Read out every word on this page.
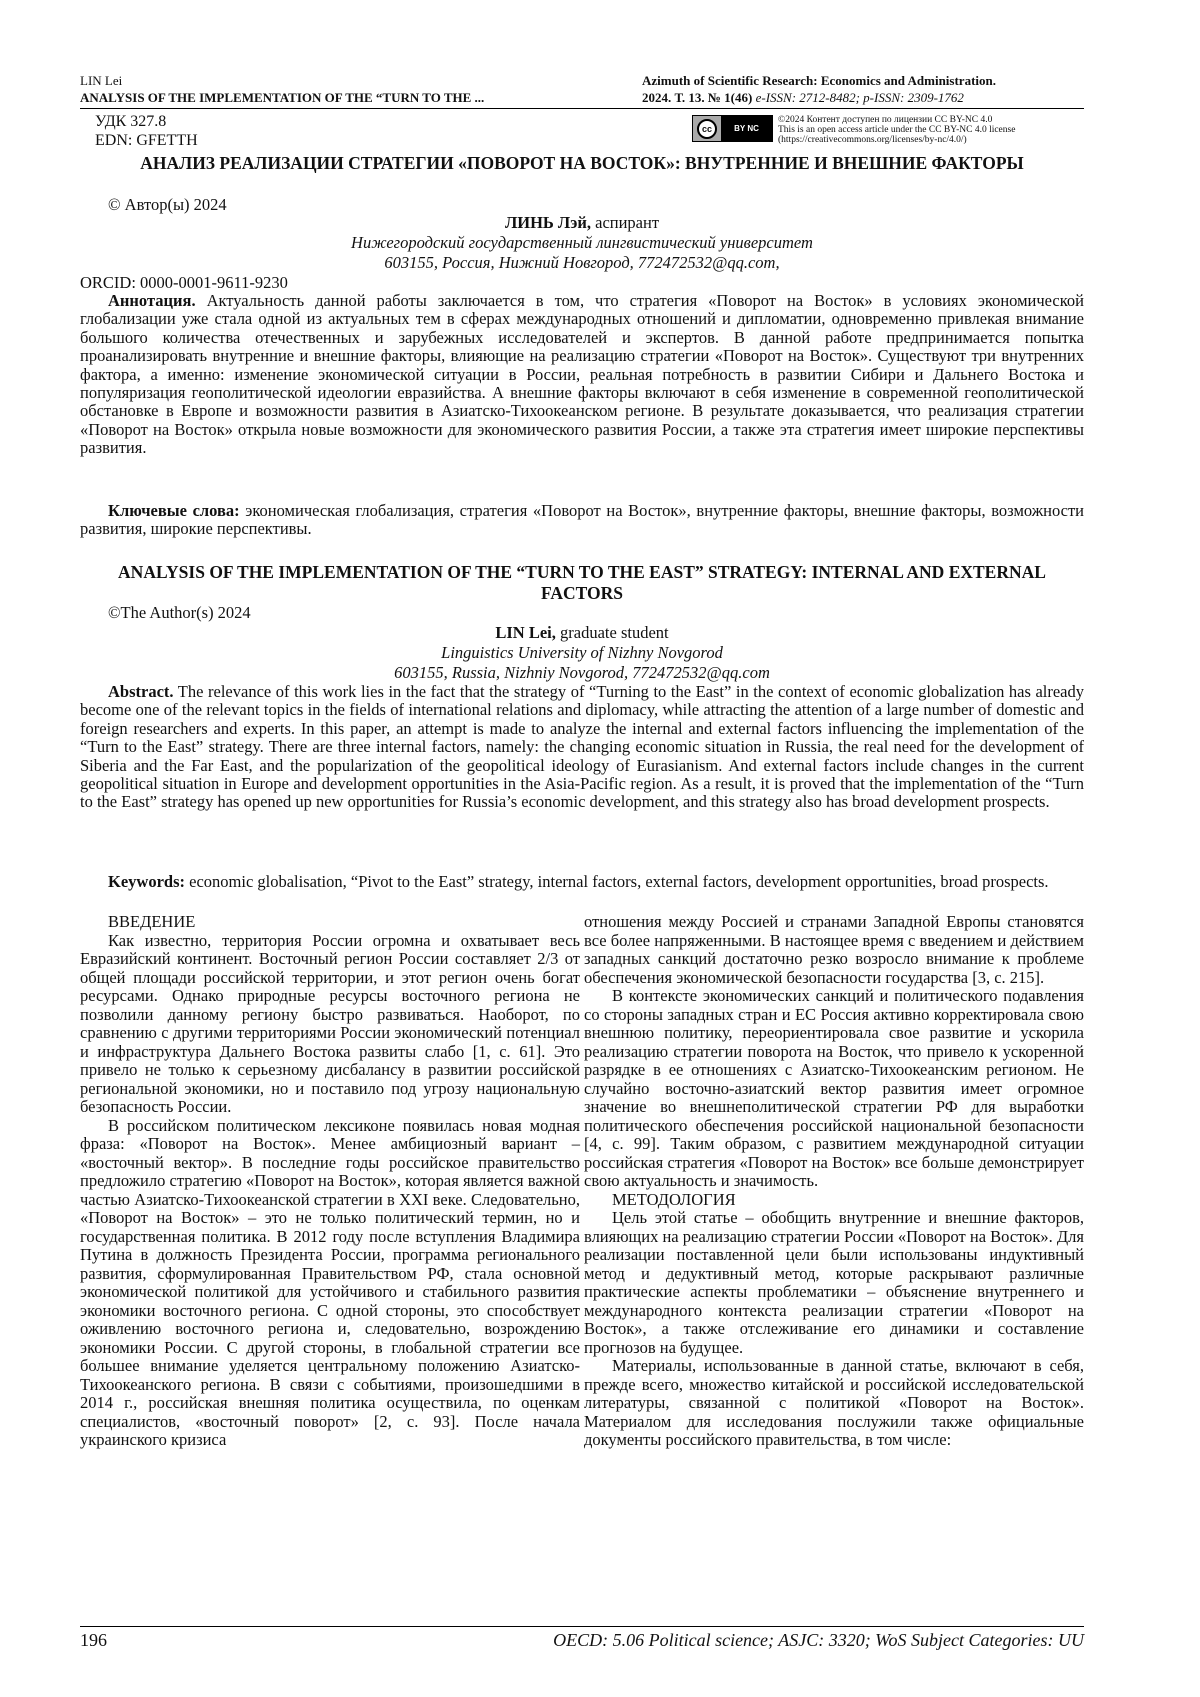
LIN Lei
ANALYSIS OF THE IMPLEMENTATION OF THE “TURN TO THE ...
Azimuth of Scientific Research: Economics and Administration.
2024. Т. 13. № 1(46) e-ISSN: 2712-8482; p-ISSN: 2309-1762
УДК 327.8
EDN: GFETTH
cc	BY NC
©2024 Контент доступен по лицензии CC BY-NC 4.0
This is an open access article under the CC BY-NC 4.0 license
(https://creativecommons.org/licenses/by-nc/4.0/)
АНАЛИЗ РЕАЛИЗАЦИИ СТРАТЕГИИ «ПОВОРОТ НА ВОСТОК»: ВНУТРЕННИЕ И ВНЕШНИЕ ФАКТОРЫ
© Автор(ы) 2024
ЛИНЬ Лэй, аспирант
Нижегородский государственный лингвистический университет
603155, Россия, Нижний Новгород, 772472532@qq.com,
ORCID: 0000-0001-9611-9230
Аннотация. Актуальность данной работы заключается в том, что стратегия «Поворот на Восток» в условиях экономической глобализации уже стала одной из актуальных тем в сферах международных отношений и дипломатии, одновременно привлекая внимание большого количества отечественных и зарубежных исследователей и экспертов. В данной работе предпринимается попытка проанализировать внутренние и внешние факторы, влияющие на реализацию стратегии «Поворот на Восток». Существуют три внутренних фактора, а именно: изменение экономической ситуации в России, реальная потребность в развитии Сибири и Дальнего Востока и популяризация геополитической идеологии евразийства. А внешние факторы включают в себя изменение в современной геополитической обстановке в Европе и возможности развития в Азиатско-Тихоокеанском регионе. В результате доказывается, что реализация стратегии «Поворот на Восток» открыла новые возможности для экономического развития России, а также эта стратегия имеет широкие перспективы развития.
Ключевые слова: экономическая глобализация, стратегия «Поворот на Восток», внутренние факторы, внешние факторы, возможности развития, широкие перспективы.
ANALYSIS OF THE IMPLEMENTATION OF THE “TURN TO THE EAST” STRATEGY: INTERNAL AND EXTERNAL FACTORS
©The Author(s) 2024
LIN Lei, graduate student
Linguistics University of Nizhny Novgorod
603155, Russia, Nizhniy Novgorod, 772472532@qq.com
Abstract. The relevance of this work lies in the fact that the strategy of “Turning to the East” in the context of economic globalization has already become one of the relevant topics in the fields of international relations and diplomacy, while attracting the attention of a large number of domestic and foreign researchers and experts. In this paper, an attempt is made to analyze the internal and external factors influencing the implementation of the “Turn to the East” strategy. There are three internal factors, namely: the changing economic situation in Russia, the real need for the development of Siberia and the Far East, and the popularization of the geopolitical ideology of Eurasianism. And external factors include changes in the current geopolitical situation in Europe and development opportunities in the Asia-Pacific region. As a result, it is proved that the implementation of the “Turn to the East” strategy has opened up new opportunities for Russia’s economic development, and this strategy also has broad development prospects.
Keywords: economic globalisation, “Pivot to the East” strategy, internal factors, external factors, development opportunities, broad prospects.

ВВЕДЕНИЕ

Как известно, территория России огромна и охватывает весь Евразийский континент. Восточный регион России составляет 2/3 от общей площади российской территории, и этот регион очень богат ресурсами. Однако природные ресурсы восточного региона не позволили данному региону быстро развиваться. Наоборот, по сравнению с другими территориями России экономический потенциал и инфраструктура Дальнего Востока развиты слабо [1, с. 61]. Это привело не только к серьезному дисбалансу в развитии российской региональной экономики, но и поставило под угрозу национальную безопасность России.

В российском политическом лексиконе появилась новая модная фраза: «Поворот на Восток». Менее амбициозный вариант – «восточный вектор». В последние годы российское правительство предложило стратегию «Поворот на Восток», которая является важной частью Азиатско-Тихоокеанской стратегии в XXI веке. Следовательно, «Поворот на Восток» – это не только политический термин, но и государственная политика. В 2012 году после вступления Владимира Путина в должность Президента России, программа регионального развития, сформулированная Правительством РФ, стала основной экономической политикой для устойчивого и стабильного развития экономики восточного региона. С одной стороны, это способствует оживлению восточного региона и, следовательно, возрождению экономики России. С другой стороны, в глобальной стратегии все большее внимание уделяется центральному положению Азиатско-Тихоокеанского региона. В связи с событиями, произошедшими в 2014 г., российская внешняя политика осуществила, по оценкам специалистов, «восточный поворот» [2, с. 93]. После начала украинского кризиса

отношения между Россией и странами Западной Европы становятся все более напряженными. В настоящее время с введением и действием западных санкций достаточно резко возросло внимание к проблеме обеспечения экономической безопасности государства [3, с. 215].

В контексте экономических санкций и политического подавления со стороны западных стран и ЕС Россия активно корректировала свою внешнюю политику, переориентировала свое развитие и ускорила реализацию стратегии поворота на Восток, что привело к ускоренной разрядке в ее отношениях с Азиатско-Тихоокеанским регионом. Не случайно восточно-азиатский вектор развития имеет огромное значение во внешнеполитической стратегии РФ для выработки политического обеспечения российской национальной безопасности [4, с. 99]. Таким образом, с развитием международной ситуации российская стратегия «Поворот на Восток» все больше демонстрирует свою актуальность и значимость.

МЕТОДОЛОГИЯ

Цель этой статье – обобщить внутренние и внешние факторов, влияющих на реализацию стратегии России «Поворот на Восток». Для реализации поставленной цели были использованы индуктивный метод и дедуктивный метод, которые раскрывают различные практические аспекты проблематики – объяснение внутреннего и международного контекста реализации стратегии «Поворот на Восток», а также отслеживание его динамики и составление прогнозов на будущее.

Материалы, использованные в данной статье, включают в себя, прежде всего, множество китайской и российской исследовательской литературы, связанной с политикой «Поворот на Восток». Материалом для исследования послужили также официальные документы российского правительства, в том числе:

196	OECD: 5.06 Political science; ASJC: 3320; WoS Subject Categories: UU
